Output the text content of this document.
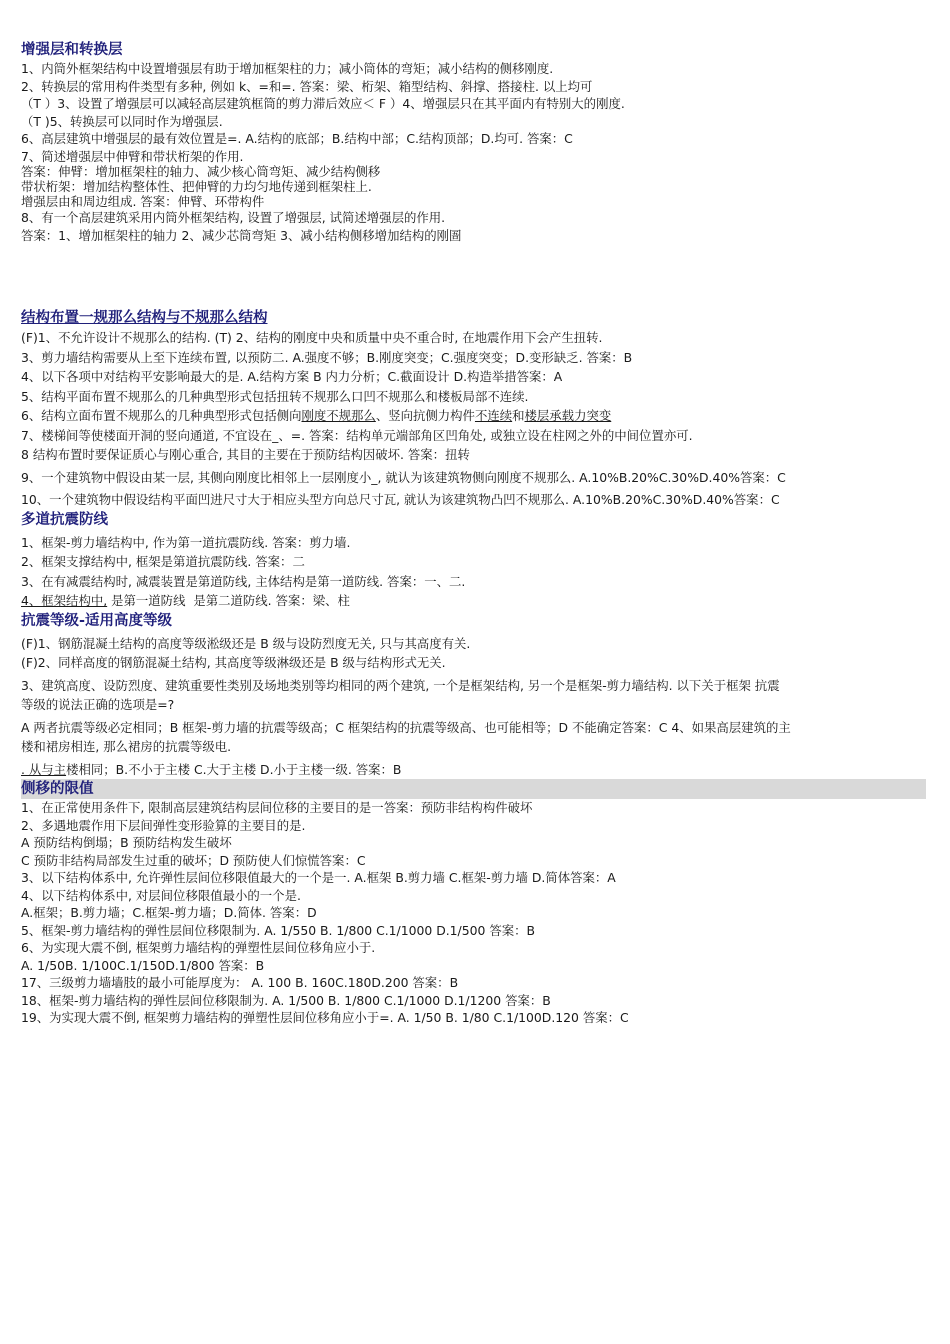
增强层和转换层
1、内筒外框架结构中设置增强层有助于增加框架柱的力；减小筒体的弯矩；减小结构的侧移刚度.
2、转换层的常用构件类型有多种, 例如 k、=和=. 答案：梁、桁架、箱型结构、斜撑、搭接柱. 以上均可
（T ）3、设置了增强层可以减轻高层建筑框筒的剪力滞后效应＜ F ）4、增强层只在其平面内有特别大的刚度.
（T )5、转换层可以同时作为增强层.
6、高层建筑中增强层的最有效位置是=. A.结构的底部；B.结构中部；C.结构顶部；D.均可. 答案：C
7、简述增强层中伸臂和带状桁架的作用.
答案：伸臂：增加框架柱的轴力、减少核心筒弯矩、减少结构侧移
带状桁架：增加结构整体性、把伸臂的力均匀地传递到框架柱上.
增强层由和周边组成. 答案：伸臂、环带构件
8、有一个高层建筑采用内筒外框架结构, 设置了增强层, 试简述增强层的作用.
答案：1、增加框架柱的轴力 2、减少芯筒弯矩 3、减小结构侧移增加结构的刚圄
结构布置一规那么结构与不规那么结构
(F)1、不允许设计不规那么的结构. (T) 2、结构的刚度中央和质量中央不重合时, 在地震作用下会产生扭转.
3、剪力墙结构需要从上至下连续布置, 以预防二. A.强度不够；B.刚度突变；C.强度突变；D.变形缺乏. 答案：B
4、以下各项中对结构平安影响最大的是. A.结构方案 B 内力分析；C.截面设计 D.构造举措答案：A
5、结构平面布置不规那么的几种典型形式包括扭转不规那么口凹不规那么和楼板局部不连续.
6、结构立面布置不规那么的几种典型形式包括侧向刚度不规那么、竖向抗侧力构件不连续和楼层承载力突变
7、楼梯间等使楼面开洞的竖向通道, 不宜设在_、=. 答案：结构单元端部角区凹角处, 或独立设在柱网之外的中间位置亦可.
8 结构布置时要保证质心与刚心重合, 其目的主要在于预防结构因破坏. 答案：扭转
9、一个建筑物中假设由某一层, 其侧向刚度比相邻上一层刚度小_, 就认为该建筑物侧向刚度不规那么. A.10%B.20%C.30%D.40%答案：C
10、一个建筑物中假设结构平面凹进尺寸大于相应头型方向总尺寸瓦, 就认为该建筑物凸凹不规那么. A.10%B.20%C.30%D.40%答案：C
多道抗震防线
1、框架-剪力墙结构中, 作为第一道抗震防线. 答案：剪力墙.
2、框架支撑结构中, 框架是第道抗震防线. 答案：二
3、在有减震结构时, 减震装置是第道防线, 主体结构是第一道防线. 答案：一、二.
4、框架结构中, 是第一道防线  是第二道防线. 答案：梁、柱
抗震等级-适用高度等级
(F)1、钢筋混凝土结构的高度等级淞级还是 B 级与设防烈度无关, 只与其高度有关.
(F)2、同样高度的钢筋混凝土结构, 其高度等级淋级还是 B 级与结构形式无关.
3、建筑高度、设防烈度、建筑重要性类别及场地类别等均相同的两个建筑, 一个是框架结构, 另一个是框架-剪力墙结构. 以下关于框架 抗震
等级的说法正确的选项是=?
A 两者抗震等级必定相同；B 框架-剪力墙的抗震等级高；C 框架结构的抗震等级高、也可能相等；D 不能确定答案：C 4、如果高层建筑的主
楼和裙房相连, 那么裙房的抗震等级电.
. 从与主楼相同；B.不小于主楼 C.大于主楼 D.小于主楼一级. 答案：B
侧移的限值
1、在正常使用条件下, 限制高层建筑结构层间位移的主要目的是一答案：预防非结构构件破坏
2、多遇地震作用下层间弹性变形验算的主要目的是.
A 预防结构倒塌；B 预防结构发生破坏
C 预防非结构局部发生过重的破坏；D 预防使人们惊慌答案：C
3、以下结构体系中, 允许弹性层间位移限值最大的一个是一. A.框架 B.剪力墙 C.框架-剪力墙 D.简体答案：A
4、以下结构体系中, 对层间位移限值最小的一个是.
A.框架；B.剪力墙；C.框架-剪力墙；D.简体. 答案：D
5、框架-剪力墙结构的弹性层间位移限制为. A. 1/550 B. 1/800 C.1/1000 D.1/500 答案：B
6、为实现大震不倒, 框架剪力墙结构的弹塑性层间位移角应小于.
A. 1/50B. 1/100C.1/150D.1/800 答案：B
17、三级剪力墙墙肢的最小可能厚度为： A. 100 B. 160C.180D.200 答案：B
18、框架-剪力墙结构的弹性层间位移限制为. A. 1/500 B. 1/800 C.1/1000 D.1/1200 答案：B
19、为实现大震不倒, 框架剪力墙结构的弹塑性层间位移角应小于=. A. 1/50 B. 1/80 C.1/100D.120 答案：C
